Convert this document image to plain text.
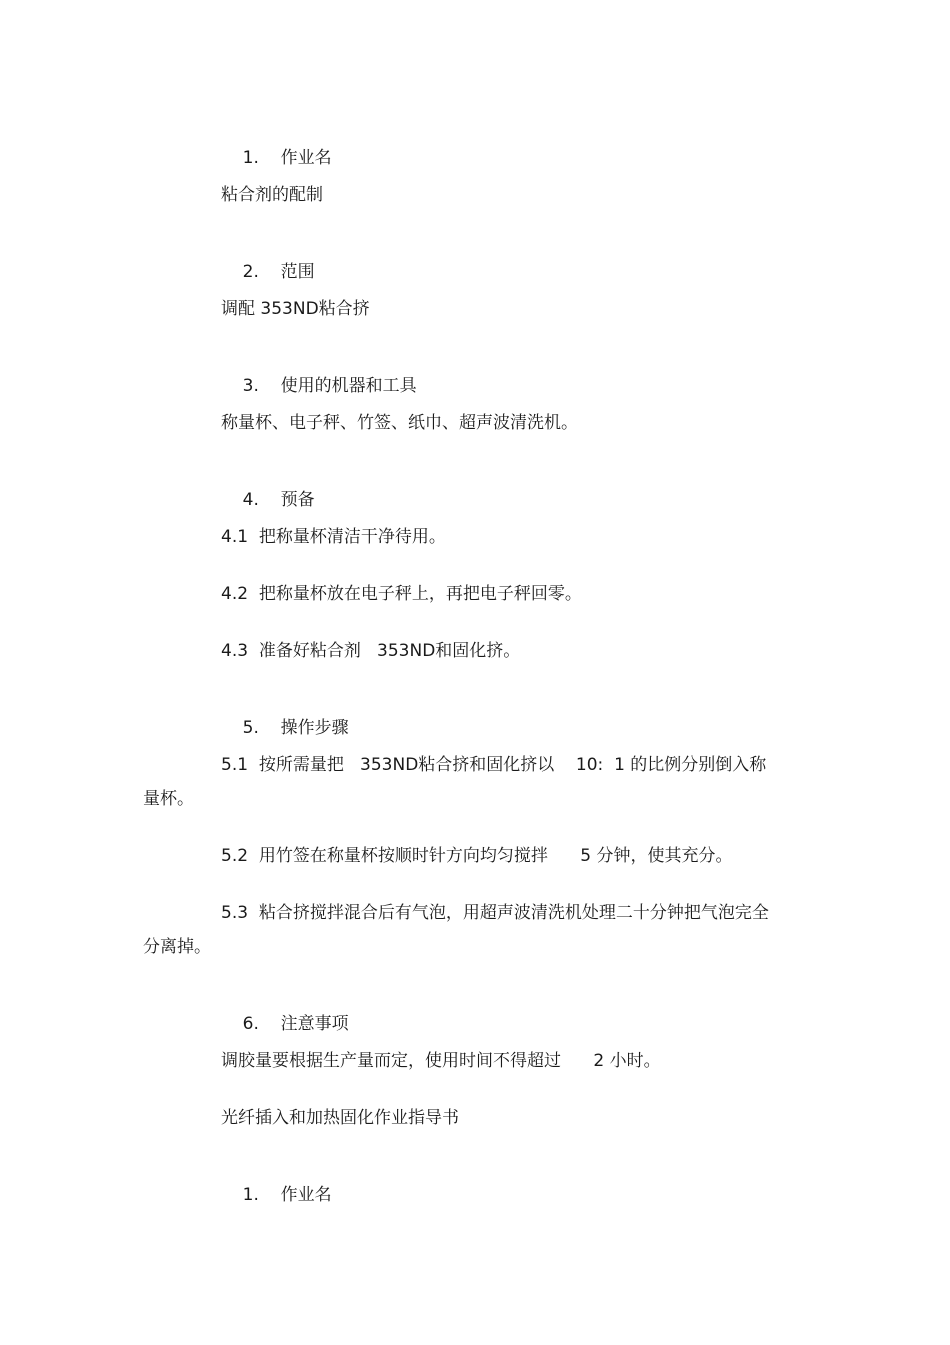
1. 作业名

粘合剂的配制

2. 范围

调配 353ND粘合挤

3. 使用的机器和工具

称量杯、电子秤、竹签、纸巾、超声波清洗机。

4. 预备

4.1  把称量杯清洁干净待用。
4.2  把称量杯放在电子秤上，再把电子秤回零。
4.3  准备好粘合剂   353ND和固化挤。

5. 操作步骤

5.1  按所需量把   353ND粘合挤和固化挤以    10:  1 的比例分别倒入称量杯。
5.2  用竹签在称量杯按顺时针方向均匀搅拌      5 分钟，使其充分。
5.3  粘合挤搅拌混合后有气泡，用超声波清洗机处理二十分钟把气泡完全分离掉。

6. 注意事项

调胶量要根据生产量而定，使用时间不得超过      2 小时。
光纤插入和加热固化作业指导书

1. 作业名
